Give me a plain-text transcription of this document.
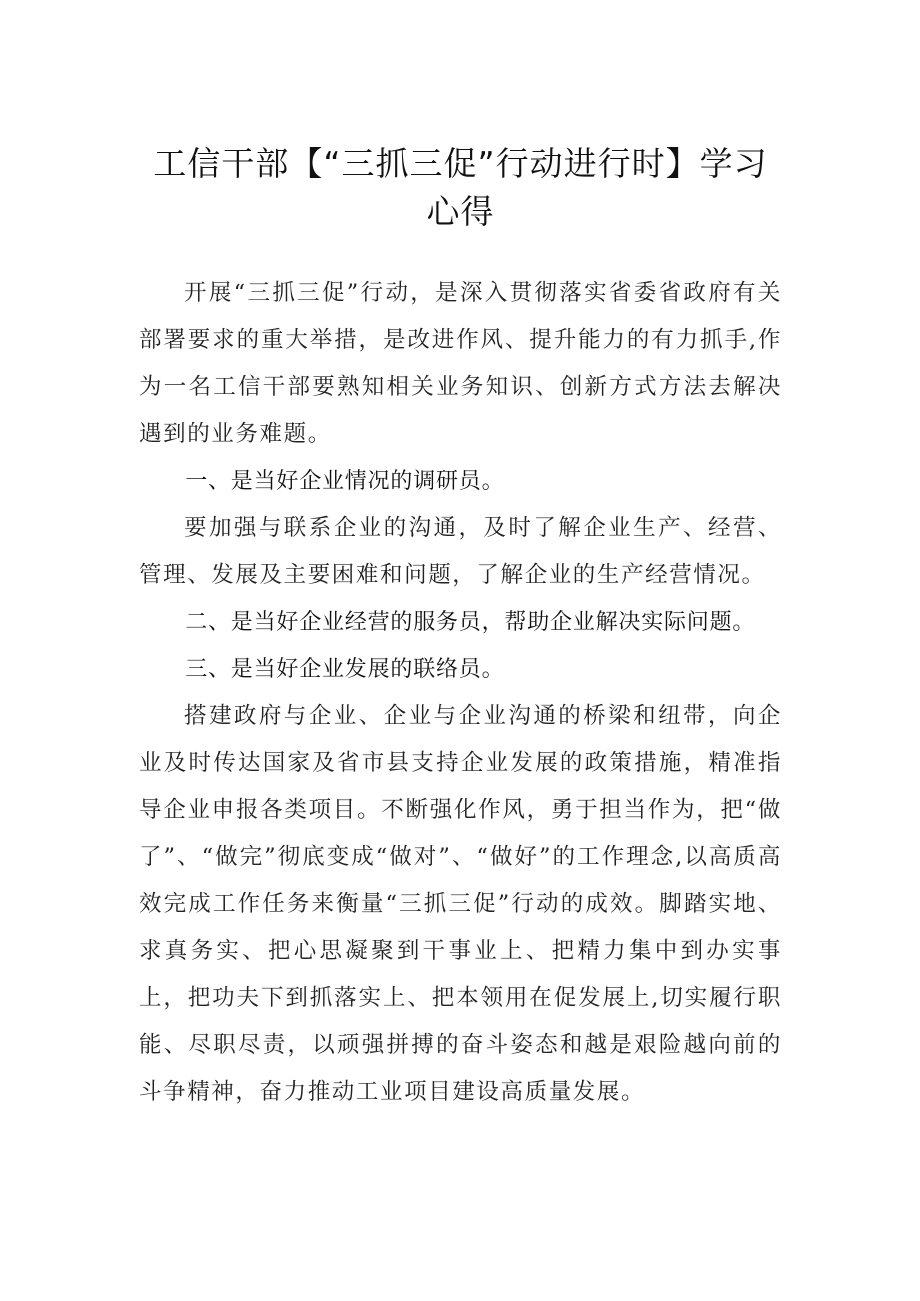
工信干部【“三抓三促”行动进行时】学习心得

开展“三抓三促”行动，是深入贯彻落实省委省政府有关部署要求的重大举措，是改进作风、提升能力的有力抓手,作为一名工信干部要熟知相关业务知识、创新方式方法去解决遇到的业务难题。

一、是当好企业情况的调研员。

要加强与联系企业的沟通，及时了解企业生产、经营、管理、发展及主要困难和问题，了解企业的生产经营情况。

二、是当好企业经营的服务员，帮助企业解决实际问题。

三、是当好企业发展的联络员。

搭建政府与企业、企业与企业沟通的桥梁和纽带，向企业及时传达国家及省市县支持企业发展的政策措施，精准指导企业申报各类项目。不断强化作风，勇于担当作为，把“做了”、“做完”彻底变成“做对”、“做好”的工作理念,以高质高效完成工作任务来衡量“三抓三促”行动的成效。脚踏实地、求真务实、把心思凝聚到干事业上、把精力集中到办实事上，把功夫下到抓落实上、把本领用在促发展上,切实履行职能、尽职尽责，以顽强拼搏的奋斗姿态和越是艰险越向前的斗争精神，奋力推动工业项目建设高质量发展。
